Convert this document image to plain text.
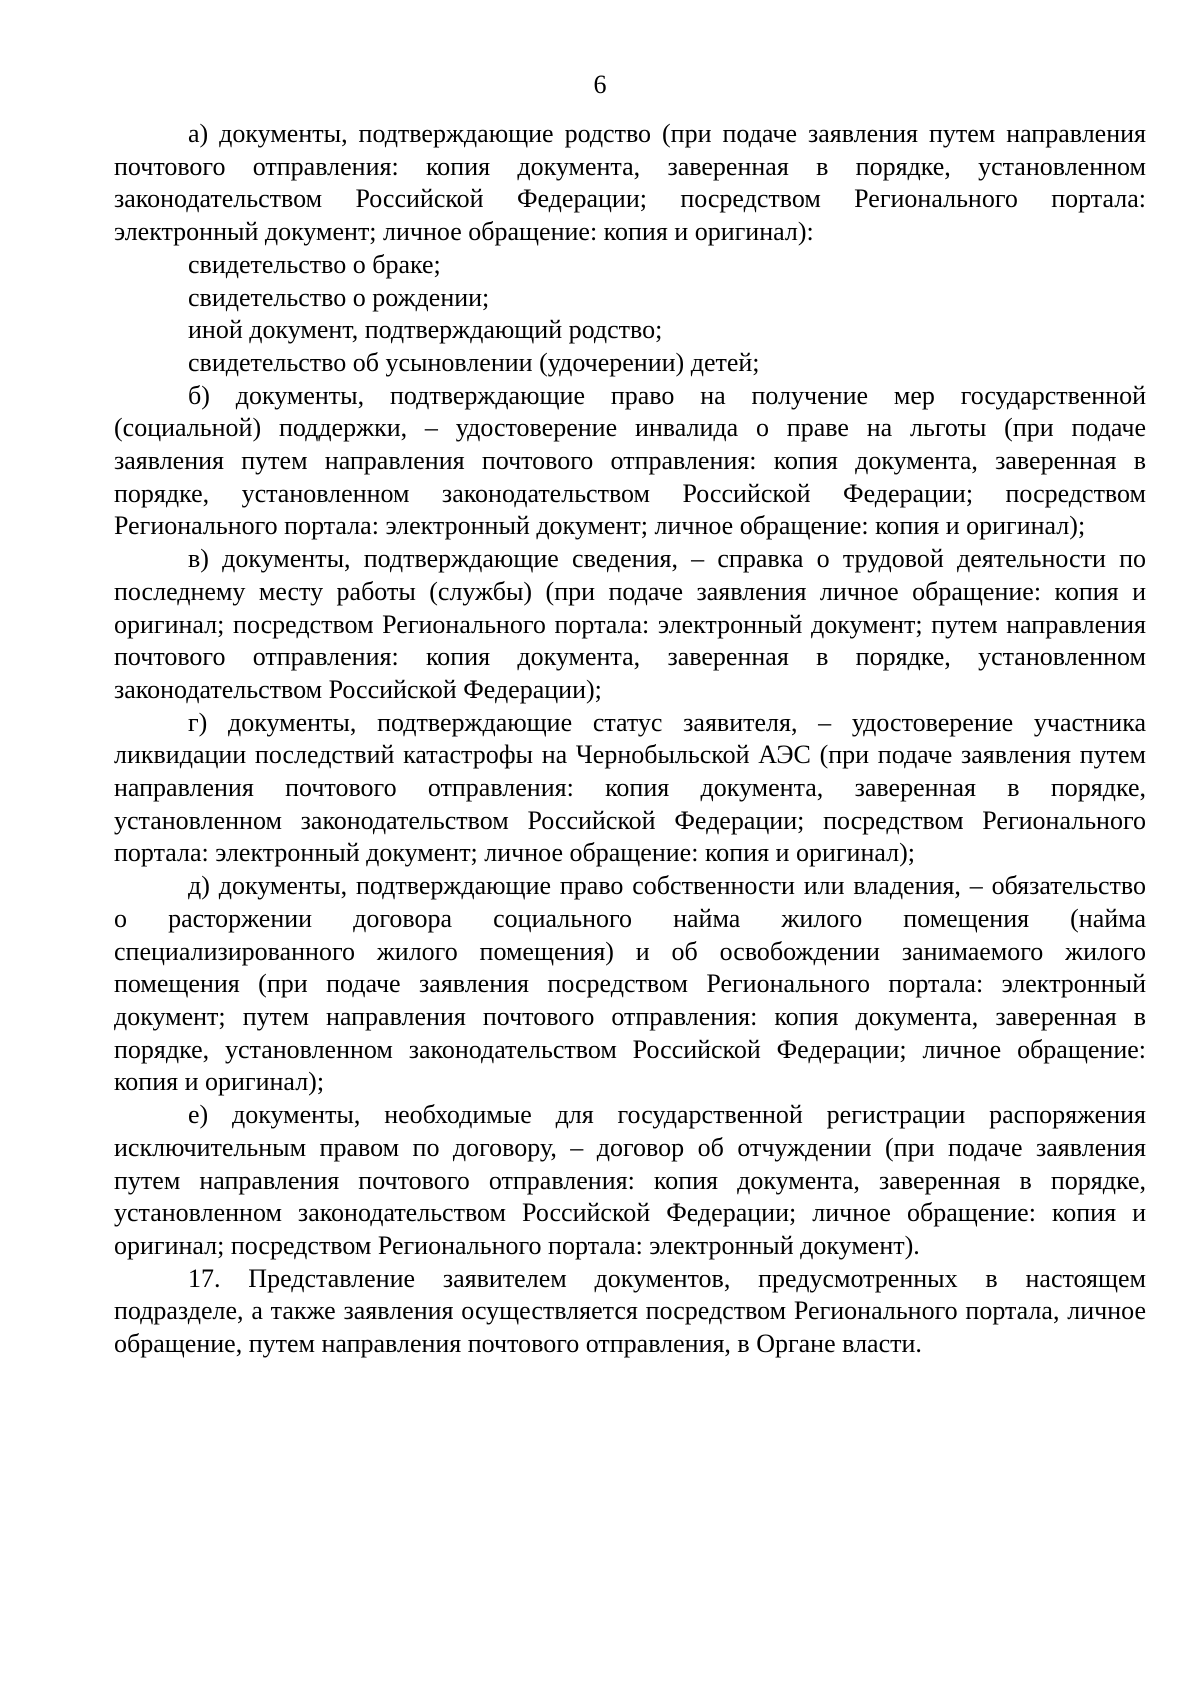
6

а) документы, подтверждающие родство (при подаче заявления путем направления почтового отправления: копия документа, заверенная в порядке, установленном законодательством Российской Федерации; посредством Регионального портала: электронный документ; личное обращение: копия и оригинал):

свидетельство о браке;

свидетельство о рождении;

иной документ, подтверждающий родство;

свидетельство об усыновлении (удочерении) детей;

б) документы, подтверждающие право на получение мер государственной (социальной) поддержки, – удостоверение инвалида о праве на льготы (при подаче заявления путем направления почтового отправления: копия документа, заверенная в порядке, установленном законодательством Российской Федерации; посредством Регионального портала: электронный документ; личное обращение: копия и оригинал);

в) документы, подтверждающие сведения, – справка о трудовой деятельности по последнему месту работы (службы) (при подаче заявления личное обращение: копия и оригинал; посредством Регионального портала: электронный документ; путем направления почтового отправления: копия документа, заверенная в порядке, установленном законодательством Российской Федерации);

г) документы, подтверждающие статус заявителя, – удостоверение участника ликвидации последствий катастрофы на Чернобыльской АЭС (при подаче заявления путем направления почтового отправления: копия документа, заверенная в порядке, установленном законодательством Российской Федерации; посредством Регионального портала: электронный документ; личное обращение: копия и оригинал);

д) документы, подтверждающие право собственности или владения, – обязательство о расторжении договора социального найма жилого помещения (найма специализированного жилого помещения) и об освобождении занимаемого жилого помещения (при подаче заявления посредством Регионального портала: электронный документ; путем направления почтового отправления: копия документа, заверенная в порядке, установленном законодательством Российской Федерации; личное обращение: копия и оригинал);

е) документы, необходимые для государственной регистрации распоряжения исключительным правом по договору, – договор об отчуждении (при подаче заявления путем направления почтового отправления: копия документа, заверенная в порядке, установленном законодательством Российской Федерации; личное обращение: копия и оригинал; посредством Регионального портала: электронный документ).

17. Представление заявителем документов, предусмотренных в настоящем подразделе, а также заявления осуществляется посредством Регионального портала, личное обращение, путем направления почтового отправления, в Органе власти.
